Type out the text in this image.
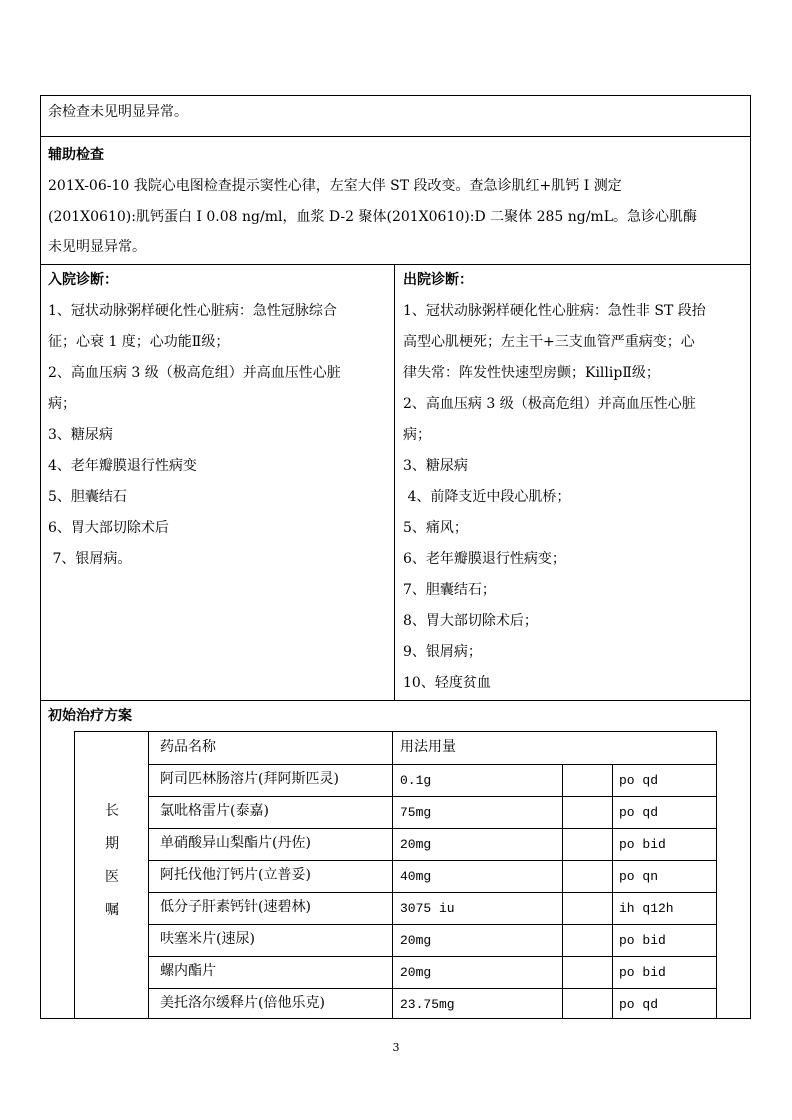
余检查未见明显异常。
辅助检查
201X-06-10 我院心电图检查提示窦性心律，左室大伴 ST 段改变。查急诊肌红+肌钙 I 测定
(201X0610):肌钙蛋白 I 0.08 ng/ml，血浆 D-2 聚体(201X0610):D 二聚体 285 ng/mL。急诊心肌酶
未见明显异常。
入院诊断：
1、冠状动脉粥样硬化性心脏病：急性冠脉综合
征；心衰 1 度；心功能Ⅱ级；
2、高血压病 3 级（极高危组）并高血压性心脏
病；
3、糖尿病
4、老年瓣膜退行性病变
5、胆囊结石
6、胃大部切除术后
7、银屑病。
出院诊断：
1、冠状动脉粥样硬化性心脏病：急性非 ST 段抬
高型心肌梗死；左主干+三支血管严重病变；心
律失常：阵发性快速型房颤；KillipⅡ级；
2、高血压病 3 级（极高危组）并高血压性心脏
病；
3、糖尿病
4、前降支近中段心肌桥；
5、痛风；
6、老年瓣膜退行性病变；
7、胆囊结石；
8、胃大部切除术后；
9、银屑病；
10、轻度贫血
初始治疗方案
长
期
医
嘱
药品名称	用法用量
阿司匹林肠溶片(拜阿斯匹灵)	0.1g	po qd
氯吡格雷片(泰嘉)	75mg	po qd
单硝酸异山梨酯片(丹佐)	20mg	po bid
阿托伐他汀钙片(立普妥)	40mg	po qn
低分子肝素钙针(速碧林)	3075 iu	ih q12h
呋塞米片(速尿)	20mg	po bid
螺内酯片	20mg	po bid
美托洛尔缓释片(倍他乐克)	23.75mg	po qd
3
